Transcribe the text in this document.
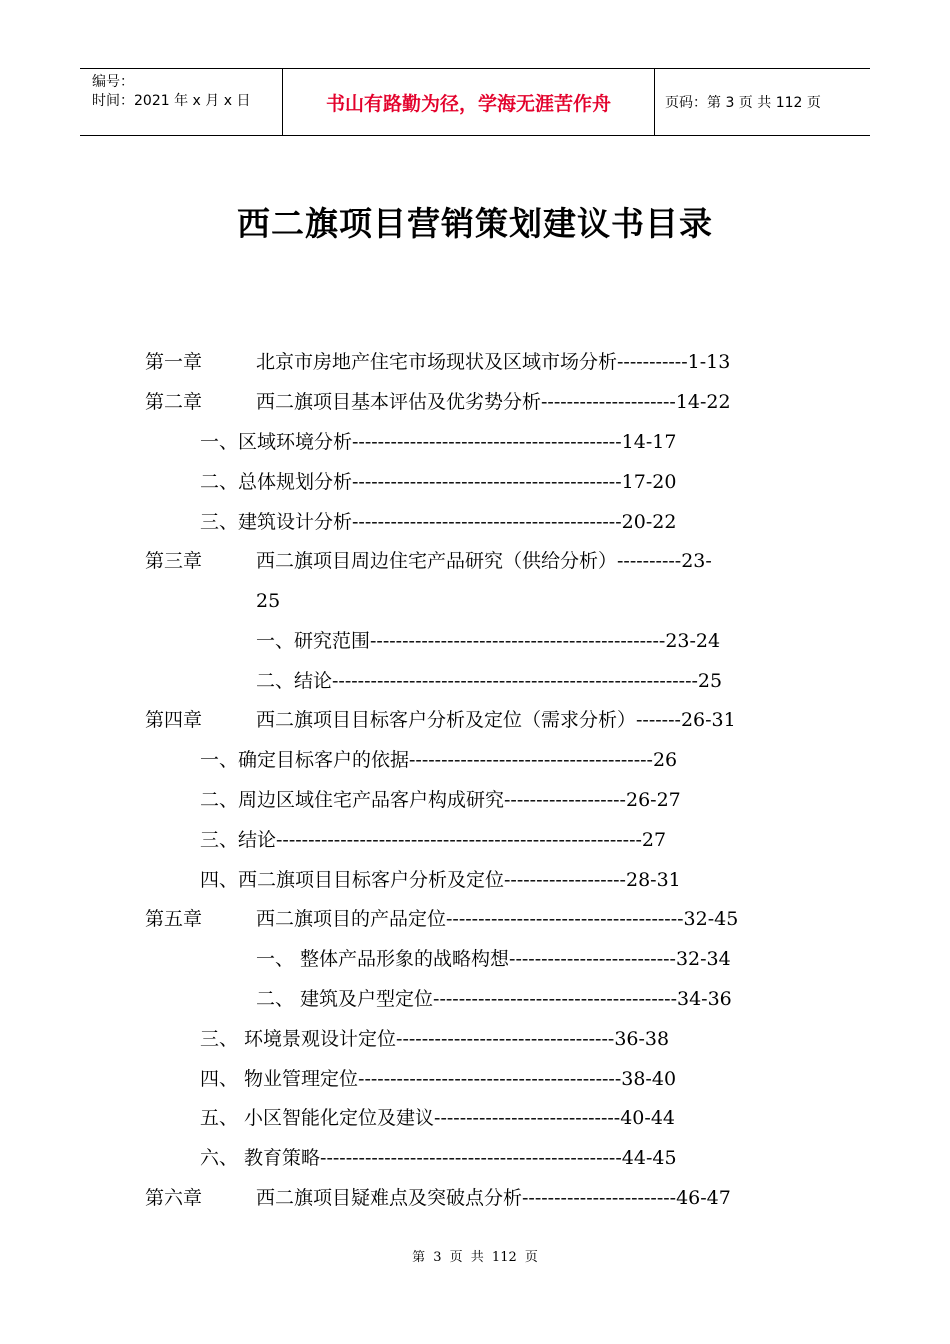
编号：
时间：2021 年 x 月 x 日	书山有路勤为径，学海无涯苦作舟	页码：第 3 页 共 112 页
西二旗项目营销策划建议书目录
第一章	北京市房地产住宅市场现状及区域市场分析-----------1-13
第二章	西二旗项目基本评估及优劣势分析---------------------14-22
一、区域环境分析------------------------------------------14-17
二、总体规划分析------------------------------------------17-20
三、建筑设计分析------------------------------------------20-22
第三章	西二旗项目周边住宅产品研究（供给分析）----------23-
25
一、研究范围----------------------------------------------23-24
二、结论---------------------------------------------------------25
第四章	西二旗项目目标客户分析及定位（需求分析）-------26-31
一、确定目标客户的依据--------------------------------------26
二、周边区域住宅产品客户构成研究-------------------26-27
三、结论---------------------------------------------------------27
四、西二旗项目目标客户分析及定位-------------------28-31
第五章	西二旗项目的产品定位-------------------------------------32-45
一、 整体产品形象的战略构想--------------------------32-34
二、 建筑及户型定位--------------------------------------34-36
三、 环境景观设计定位----------------------------------36-38
四、 物业管理定位-----------------------------------------38-40
五、 小区智能化定位及建议-----------------------------40-44
六、 教育策略-----------------------------------------------44-45
第六章	西二旗项目疑难点及突破点分析------------------------46-47
第 3 页 共 112 页
